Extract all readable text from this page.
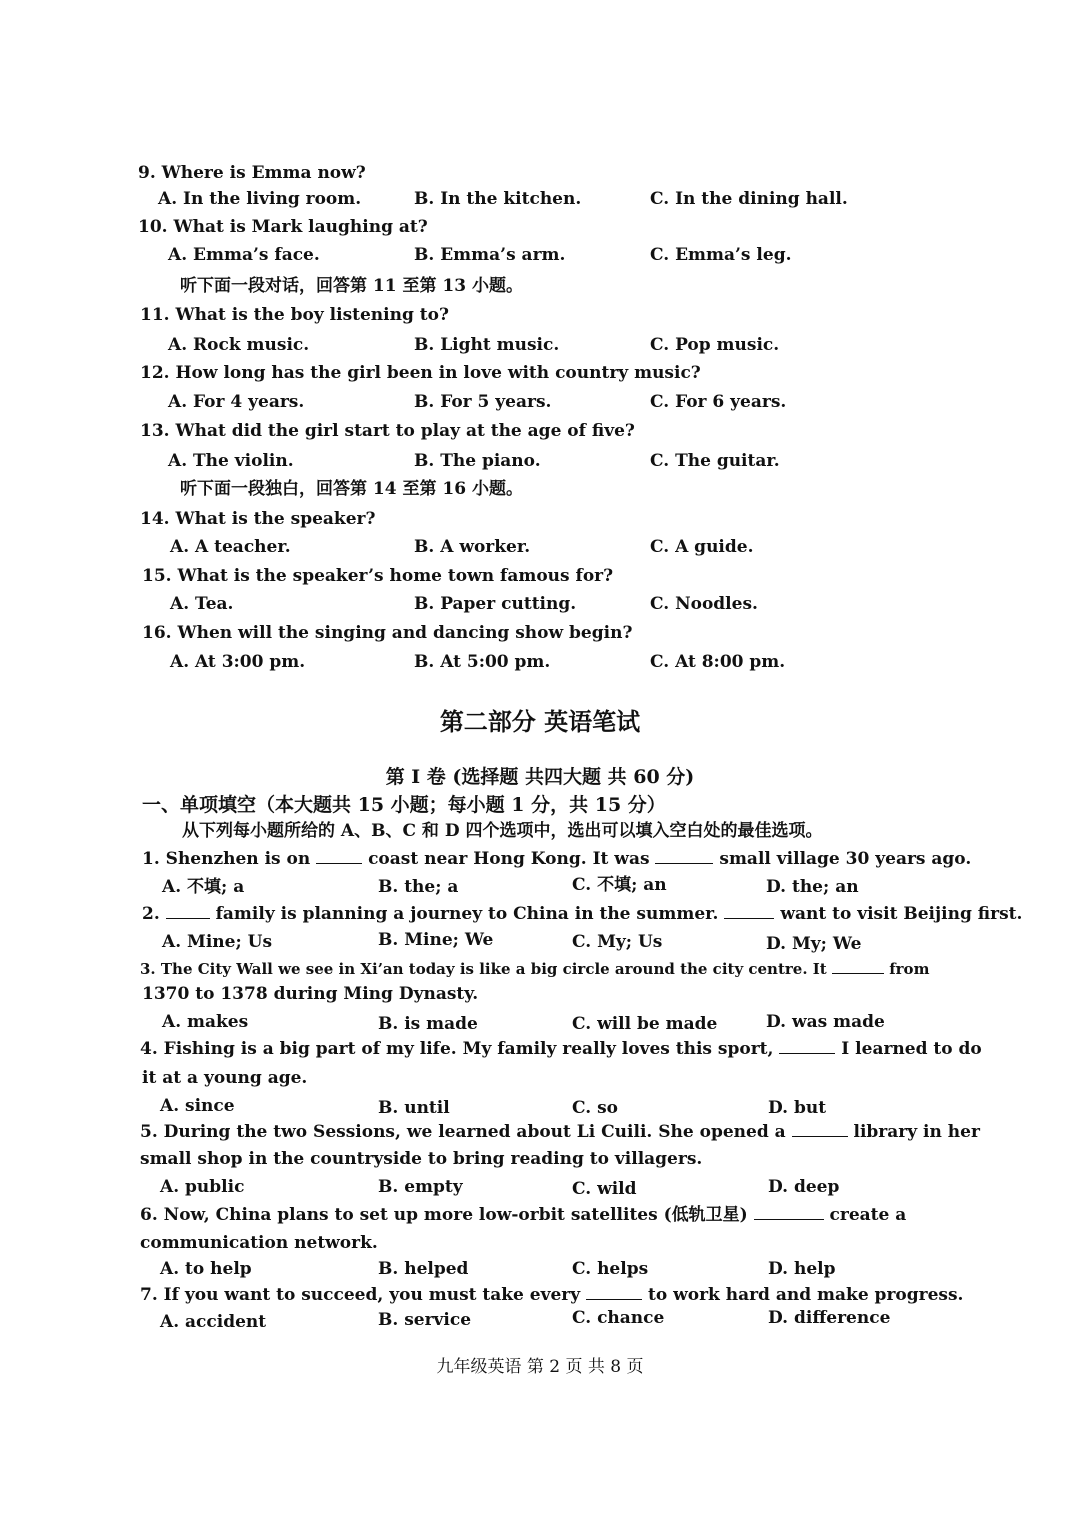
9. Where is Emma now?
A. In the living room.	B. In the kitchen.	C. In the dining hall.
10. What is Mark laughing at?
A. Emma’s face.	B. Emma’s arm.	C. Emma’s leg.
听下面一段对话，回答第 11 至第 13 小题。
11. What is the boy listening to?
A. Rock music.	B. Light music.	C. Pop music.
12. How long has the girl been in love with country music?
A. For 4 years.	B. For 5 years.	C. For 6 years.
13. What did the girl start to play at the age of five?
A. The violin.	B. The piano.	C. The guitar.
听下面一段独白，回答第 14 至第 16 小题。
14. What is the speaker?
A. A teacher.	B. A worker.	C. A guide.
15. What is the speaker’s home town famous for?
A. Tea.	B. Paper cutting.	C. Noodles.
16. When will the singing and dancing show begin?
A. At 3:00 pm.	B. At 5:00 pm.	C. At 8:00 pm.
第二部分 英语笔试
第 I 卷 (选择题 共四大题 共 60 分)
一、单项填空（本大题共 15 小题；每小题 1 分，共 15 分）
从下列每小题所给的 A、B、C 和 D 四个选项中，选出可以填入空白处的最佳选项。
1. Shenzhen is on	coast near Hong Kong. It was	small village 30 years ago.
A. 不填; a	B. the; a	C. 不填; an	D. the; an
2.	family is planning a journey to China in the summer.	want to visit Beijing first.
A. Mine; Us	B. Mine; We	C. My; Us	D. My; We
3. The City Wall we see in Xi’an today is like a big circle around the city centre. It	from
1370 to 1378 during Ming Dynasty.
A. makes	B. is made	C. will be made	D. was made
4. Fishing is a big part of my life. My family really loves this sport,	I learned to do
it at a young age.
A. since	B. until	C. so	D. but
5. During the two Sessions, we learned about Li Cuili. She opened a	library in her
small shop in the countryside to bring reading to villagers.
A. public	B. empty	C. wild	D. deep
6. Now, China plans to set up more low-orbit satellites (低轨卫星)	create a
communication network.
A. to help	B. helped	C. helps	D. help
7. If you want to succeed, you must take every	to work hard and make progress.
A. accident	B. service	C. chance	D. difference
九年级英语 第 2 页 共 8 页
